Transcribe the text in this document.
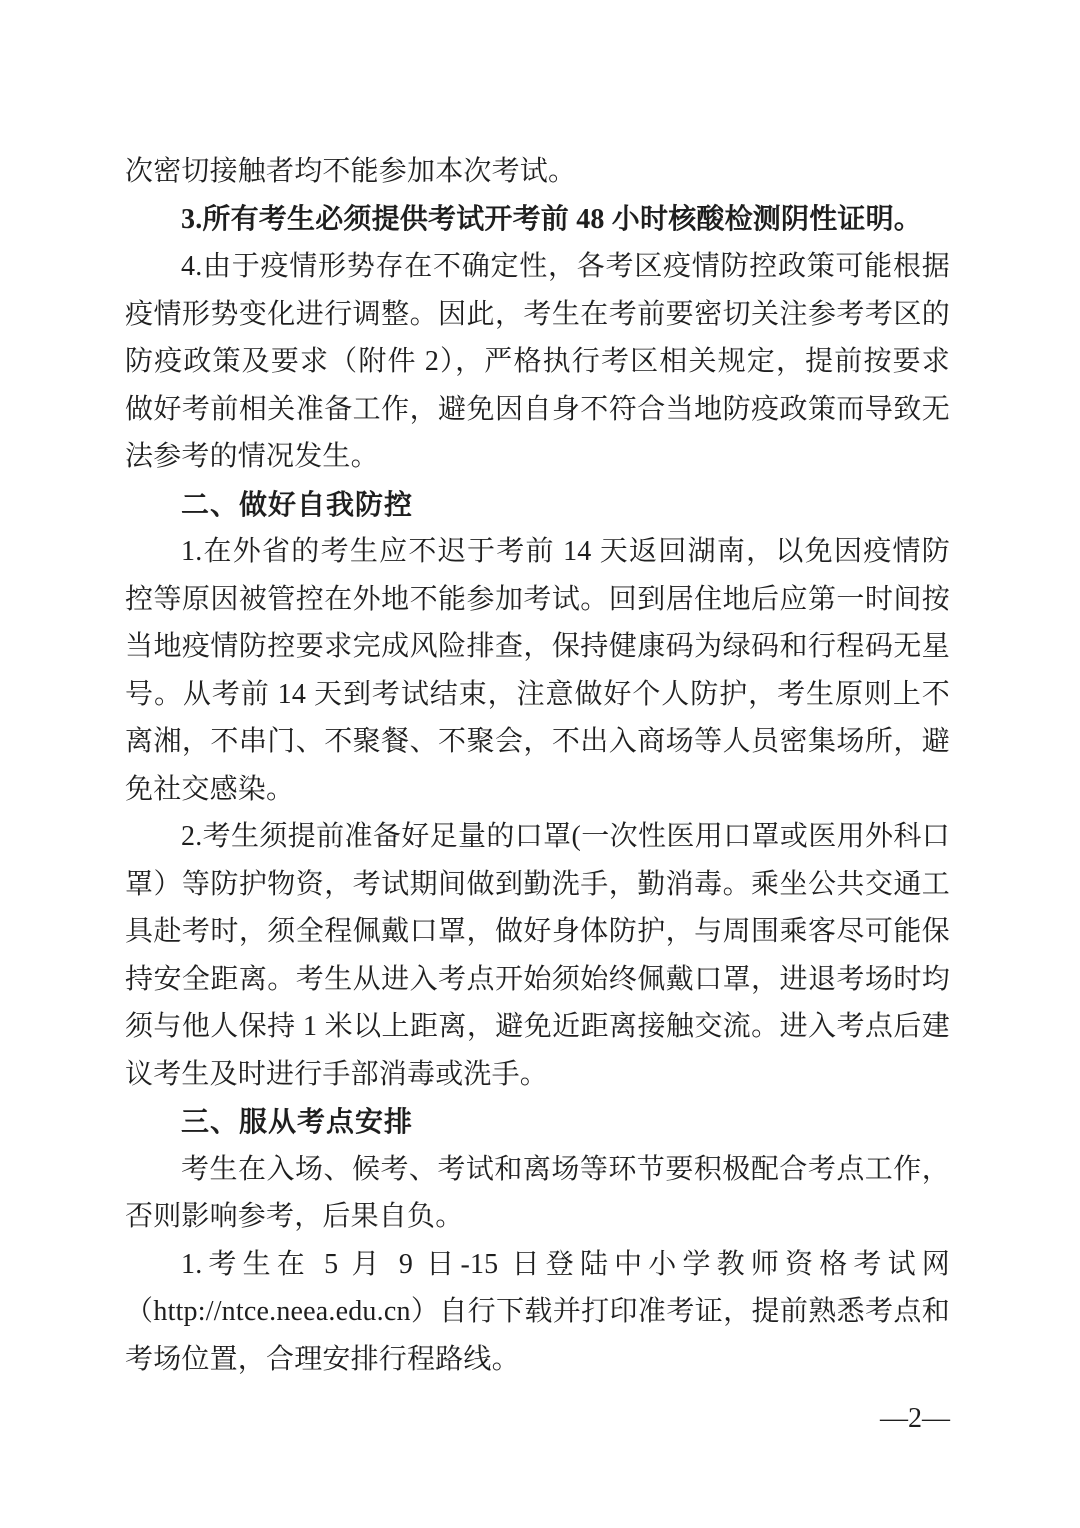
次密切接触者均不能参加本次考试。

3.所有考生必须提供考试开考前 48 小时核酸检测阴性证明。

4.由于疫情形势存在不确定性，各考区疫情防控政策可能根据疫情形势变化进行调整。因此，考生在考前要密切关注参考考区的防疫政策及要求（附件 2），严格执行考区相关规定，提前按要求做好考前相关准备工作，避免因自身不符合当地防疫政策而导致无法参考的情况发生。

二、做好自我防控

1.在外省的考生应不迟于考前 14 天返回湖南，以免因疫情防控等原因被管控在外地不能参加考试。回到居住地后应第一时间按当地疫情防控要求完成风险排查，保持健康码为绿码和行程码无星号。从考前 14 天到考试结束，注意做好个人防护，考生原则上不离湘，不串门、不聚餐、不聚会，不出入商场等人员密集场所，避免社交感染。

2.考生须提前准备好足量的口罩(一次性医用口罩或医用外科口罩）等防护物资，考试期间做到勤洗手，勤消毒。乘坐公共交通工具赴考时，须全程佩戴口罩，做好身体防护，与周围乘客尽可能保持安全距离。考生从进入考点开始须始终佩戴口罩，进退考场时均须与他人保持 1 米以上距离，避免近距离接触交流。进入考点后建议考生及时进行手部消毒或洗手。

三、服从考点安排

考生在入场、候考、考试和离场等环节要积极配合考点工作，否则影响参考，后果自负。

1.考生在 5 月 9 日-15 日登陆中小学教师资格考试网（http://ntce.neea.edu.cn）自行下载并打印准考证，提前熟悉考点和考场位置，合理安排行程路线。

—2—
